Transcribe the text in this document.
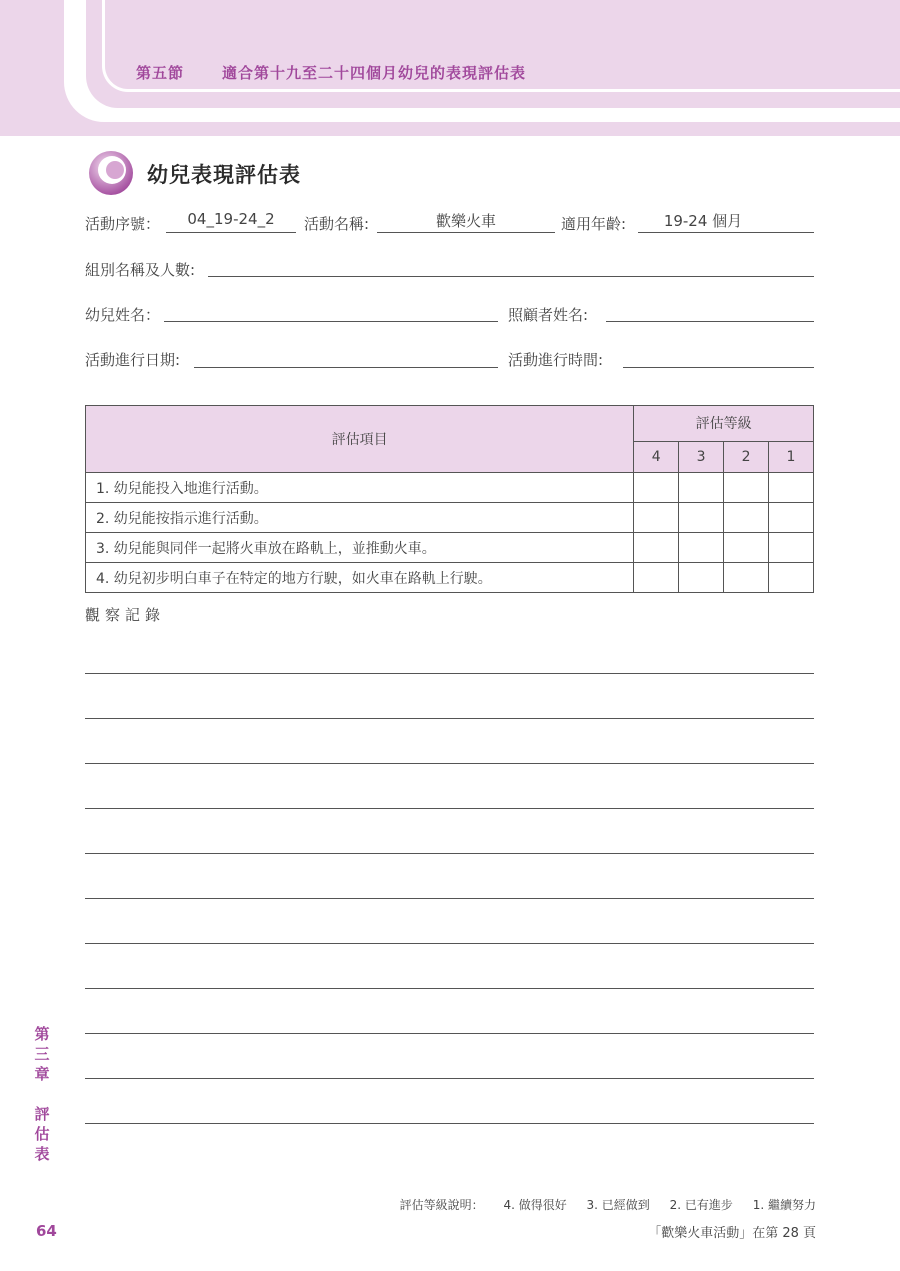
第五節	適合第十九至二十四個月幼兒的表現評估表
幼兒表現評估表
活動序號：	04_19-24_2	活動名稱:	歡樂火車	適用年齡:	19-24 個月
組別名稱及人數:
幼兒姓名：	照顧者姓名:
活動進行日期:	活動進行時間:
評估項目	評估等級			
	4	3	2	1
1. 幼兒能投入地進行活動。				
2. 幼兒能按指示進行活動。				
3. 幼兒能與同伴一起將火車放在路軌上，並推動火車。				
4. 幼兒初步明白車子在特定的地方行駛，如火車在路軌上行駛。				
觀察記錄
第
三
章
評
估
表
評估等級說明： 4. 做得很好 3. 已經做到 2. 已有進步 1. 繼續努力
「歡樂火車活動」在第 28 頁
64
